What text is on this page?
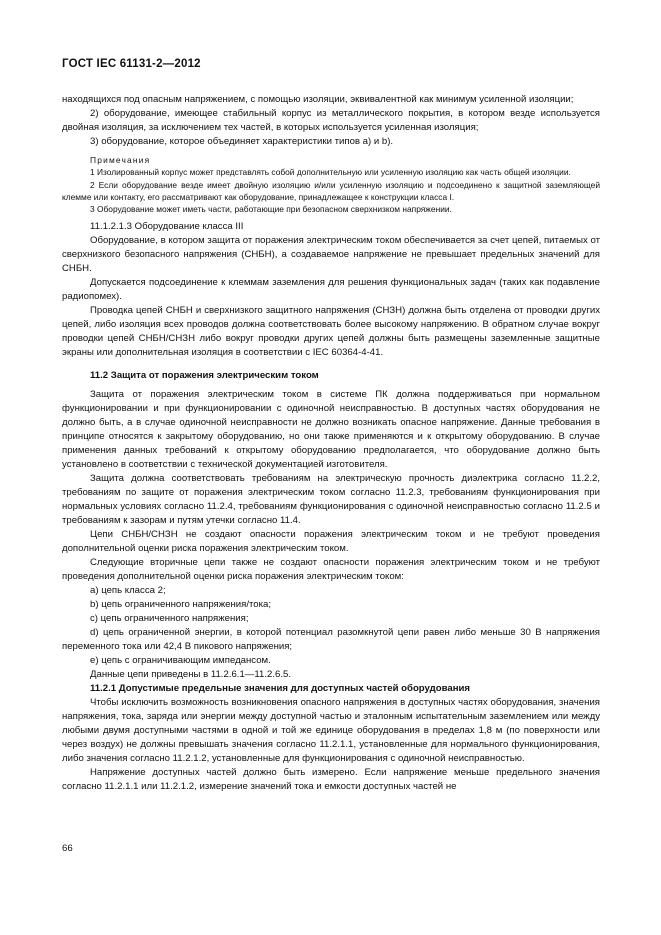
ГОСТ IEC 61131-2—2012

находящихся под опасным напряжением, с помощью изоляции, эквивалентной как минимум усиленной изоляции;

2) оборудование, имеющее стабильный корпус из металлического покрытия, в котором везде используется двойная изоляция, за исключением тех частей, в которых используется усиленная изоляция;

3) оборудование, которое объединяет характеристики типов a) и b).

Примечания

1 Изолированный корпус может представлять собой дополнительную или усиленную изоляцию как часть общей изоляции.

2 Если оборудование везде имеет двойную изоляцию и/или усиленную изоляцию и подсоединено к защитной заземляющей клемме или контакту, его рассматривают как оборудование, принадлежащее к конструкции класса I.

3 Оборудование может иметь части, работающие при безопасном сверхнизком напряжении.

11.1.2.1.3 Оборудование класса III

Оборудование, в котором защита от поражения электрическим током обеспечивается за счет цепей, питаемых от сверхнизкого безопасного напряжения (СНБН), а создаваемое напряжение не превышает предельных значений для СНБН.

Допускается подсоединение к клеммам заземления для решения функциональных задач (таких как подавление радиопомех).

Проводка цепей СНБН и сверхнизкого защитного напряжения (СНЗН) должна быть отделена от проводки других цепей, либо изоляция всех проводов должна соответствовать более высокому напряжению. В обратном случае вокруг проводки цепей СНБН/СНЗН либо вокруг проводки других цепей должны быть размещены заземленные защитные экраны или дополнительная изоляция в соответствии с IEC 60364-4-41.

11.2 Защита от поражения электрическим током

Защита от поражения электрическим током в системе ПК должна поддерживаться при нормальном функционировании и при функционировании с одиночной неисправностью. В доступных частях оборудования не должно быть, а в случае одиночной неисправности не должно возникать опасное напряжение. Данные требования в принципе относятся к закрытому оборудованию, но они также применяются и к открытому оборудованию. В случае применения данных требований к открытому оборудованию предполагается, что оборудование должно быть установлено в соответствии с технической документацией изготовителя.

Защита должна соответствовать требованиям на электрическую прочность диэлектрика согласно 11.2.2, требованиям по защите от поражения электрическим током согласно 11.2.3, требованиям функционирования при нормальных условиях согласно 11.2.4, требованиям функционирования с одиночной неисправностью согласно 11.2.5 и требованиям к зазорам и путям утечки согласно 11.4.

Цепи СНБН/СНЗН не создают опасности поражения электрическим током и не требуют проведения дополнительной оценки риска поражения электрическим током.

Следующие вторичные цепи также не создают опасности поражения электрическим током и не требуют проведения дополнительной оценки риска поражения электрическим током:

a) цепь класса 2;

b) цепь ограниченного напряжения/тока;

c) цепь ограниченного напряжения;

d) цепь ограниченной энергии, в которой потенциал разомкнутой цепи равен либо меньше 30 В напряжения переменного тока или 42,4 В пикового напряжения;

e) цепь с ограничивающим импедансом.

Данные цепи приведены в 11.2.6.1—11.2.6.5.

11.2.1 Допустимые предельные значения для доступных частей оборудования

Чтобы исключить возможность возникновения опасного напряжения в доступных частях оборудования, значения напряжения, тока, заряда или энергии между доступной частью и эталонным испытательным заземлением или между любыми двумя доступными частями в одной и той же единице оборудования в пределах 1,8 м (по поверхности или через воздух) не должны превышать значения согласно 11.2.1.1, установленные для нормального функционирования, либо значения согласно 11.2.1.2, установленные для функционирования с одиночной неисправностью.

Напряжение доступных частей должно быть измерено. Если напряжение меньше предельного значения согласно 11.2.1.1 или 11.2.1.2, измерение значений тока и емкости доступных частей не

66
